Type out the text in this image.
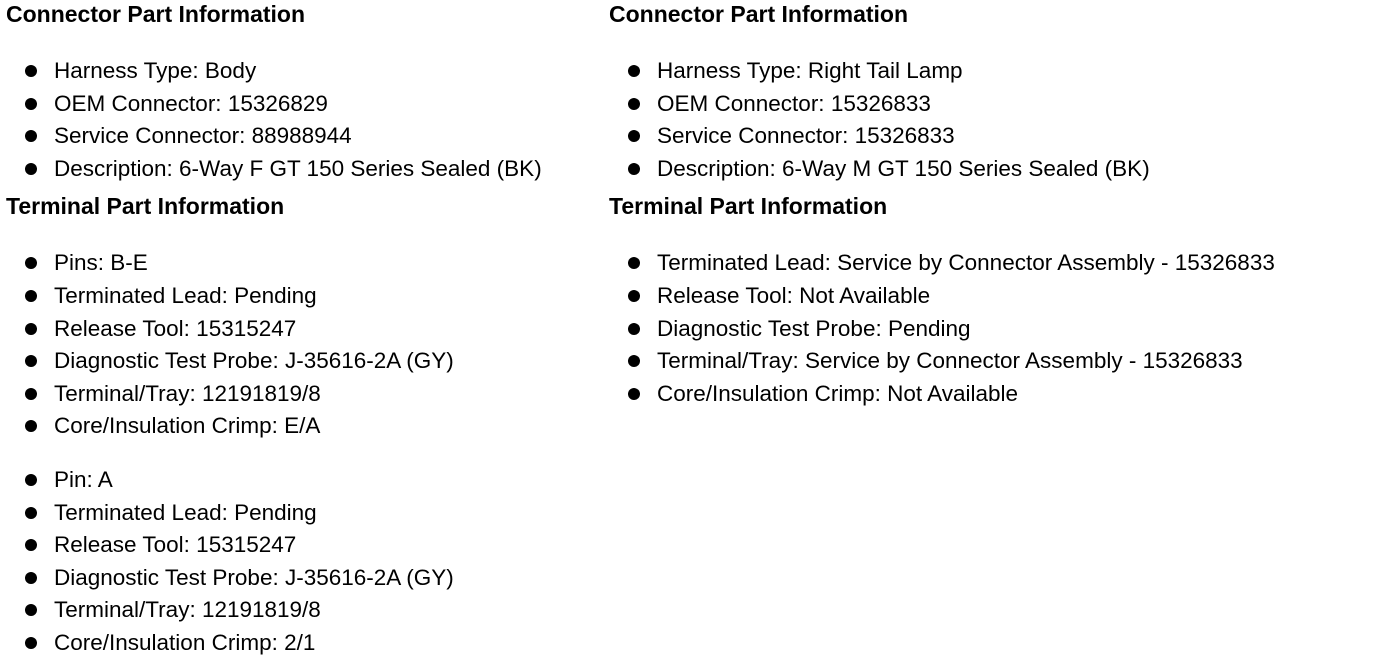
Connector Part Information
Harness Type: Body
OEM Connector: 15326829
Service Connector: 88988944
Description: 6-Way F GT 150 Series Sealed (BK)
Terminal Part Information
Pins: B-E
Terminated Lead: Pending
Release Tool: 15315247
Diagnostic Test Probe: J-35616-2A (GY)
Terminal/Tray: 12191819/8
Core/Insulation Crimp: E/A
Pin: A
Terminated Lead: Pending
Release Tool: 15315247
Diagnostic Test Probe: J-35616-2A (GY)
Terminal/Tray: 12191819/8
Core/Insulation Crimp: 2/1
Connector Part Information
Harness Type: Right Tail Lamp
OEM Connector: 15326833
Service Connector: 15326833
Description: 6-Way M GT 150 Series Sealed (BK)
Terminal Part Information
Terminated Lead: Service by Connector Assembly - 15326833
Release Tool: Not Available
Diagnostic Test Probe: Pending
Terminal/Tray: Service by Connector Assembly - 15326833
Core/Insulation Crimp: Not Available
